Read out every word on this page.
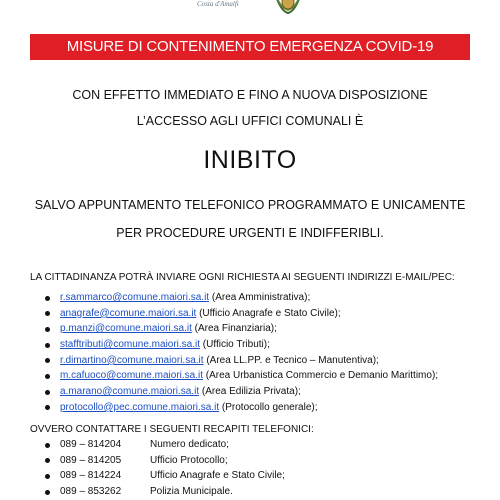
Costa d'Amalfi
MISURE DI CONTENIMENTO EMERGENZA COVID-19
CON EFFETTO IMMEDIATO E FINO A NUOVA DISPOSIZIONE
L’ACCESSO AGLI UFFICI COMUNALI È
INIBITO
SALVO APPUNTAMENTO TELEFONICO PROGRAMMATO E UNICAMENTE
PER PROCEDURE URGENTI E INDIFFERIBLI.
LA CITTADINANZA POTRÀ INVIARE OGNI RICHIESTA AI SEGUENTI INDIRIZZI E-MAIL/PEC:
r.sammarco@comune.maiori.sa.it (Area Amministrativa);
anagrafe@comune.maiori.sa.it (Ufficio Anagrafe e Stato Civile);
p.manzi@comune.maiori.sa.it (Area Finanziaria);
stafftributi@comune.maiori.sa.it (Ufficio Tributi);
r.dimartino@comune.maiori.sa.it (Area LL.PP. e Tecnico – Manutentiva);
m.cafuoco@comune.maiori.sa.it (Area Urbanistica Commercio e Demanio Marittimo);
a.marano@comune.maiori.sa.it (Area Edilizia Privata);
protocollo@pec.comune.maiori.sa.it (Protocollo generale);
OVVERO CONTATTARE I SEGUENTI RECAPITI TELEFONICI:
089 – 814204	Numero dedicato;
089 – 814205	Ufficio Protocollo;
089 – 814224	Ufficio Anagrafe e Stato Civile;
089 – 853262	Polizia Municipale.
